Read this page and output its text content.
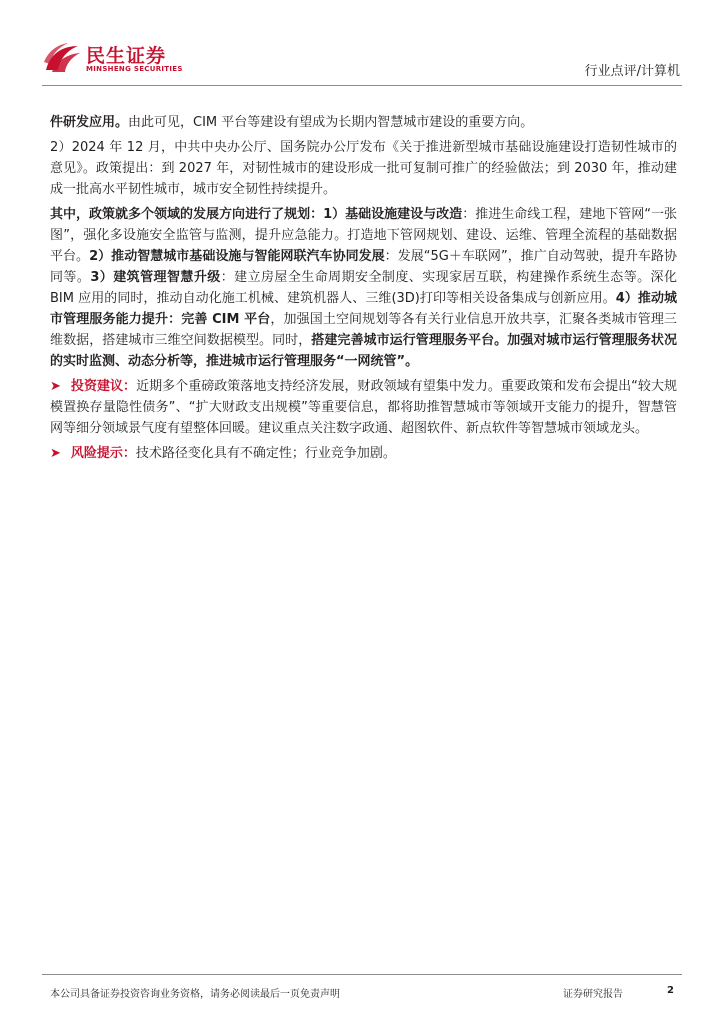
民生证券
MINSHENG SECURITIES	行业点评/计算机

件研发应用。由此可见，CIM 平台等建设有望成为长期内智慧城市建设的重要方向。

2）2024 年 12 月，中共中央办公厅、国务院办公厅发布《关于推进新型城市基础设施建设打造韧性城市的意见》。政策提出：到 2027 年，对韧性城市的建设形成一批可复制可推广的经验做法；到 2030 年，推动建成一批高水平韧性城市，城市安全韧性持续提升。

其中，政策就多个领域的发展方向进行了规划：1）基础设施建设与改造：推进生命线工程，建地下管网“一张图”，强化多设施安全监管与监测，提升应急能力。打造地下管网规划、建设、运维、管理全流程的基础数据平台。2）推动智慧城市基础设施与智能网联汽车协同发展：发展“5G＋车联网”，推广自动驾驶，提升车路协同等。3）建筑管理智慧升级：建立房屋全生命周期安全制度、实现家居互联，构建操作系统生态等。深化 BIM 应用的同时，推动自动化施工机械、建筑机器人、三维(3D)打印等相关设备集成与创新应用。4）推动城市管理服务能力提升：完善 CIM 平台，加强国土空间规划等各有关行业信息开放共享，汇聚各类城市管理三维数据，搭建城市三维空间数据模型。同时，搭建完善城市运行管理服务平台。加强对城市运行管理服务状况的实时监测、动态分析等，推进城市运行管理服务“一网统管”。

➤ 投资建议：近期多个重磅政策落地支持经济发展，财政领域有望集中发力。重要政策和发布会提出“较大规模置换存量隐性债务”、“扩大财政支出规模”等重要信息，都将助推智慧城市等领域开支能力的提升，智慧管网等细分领域景气度有望整体回暖。建议重点关注数字政通、超图软件、新点软件等智慧城市领域龙头。

➤ 风险提示：技术路径变化具有不确定性；行业竞争加剧。

本公司具备证券投资咨询业务资格，请务必阅读最后一页免责声明	证券研究报告	2
